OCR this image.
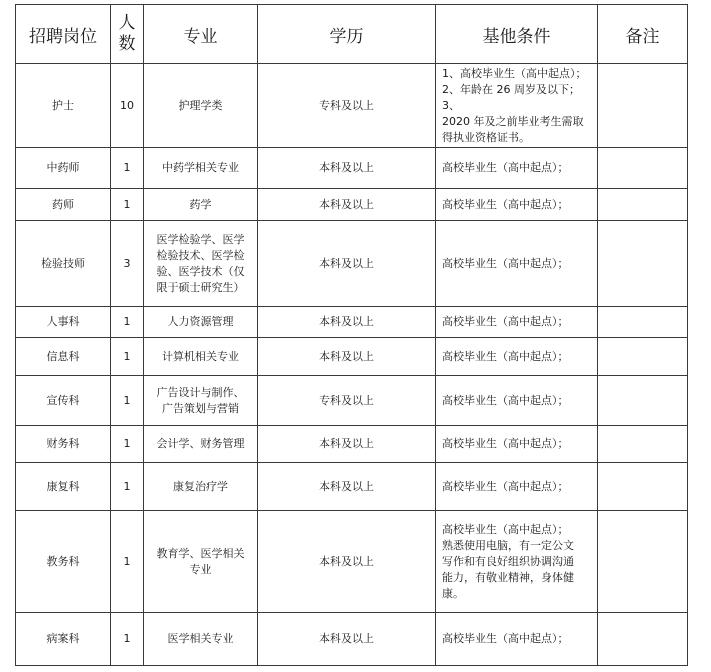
招聘岗位	人
数	专业	学历	基他条件	备注
护士	10	护理学类	专科及以上	1、高校毕业生（高中起点）；
2、年龄在 26 周岁及以下；3、
2020 年及之前毕业考生需取
得执业资格证书。	

中药师	1	中药学相关专业	本科及以上	高校毕业生（高中起点）；	

药师	1	药学	本科及以上	高校毕业生（高中起点）；	

检验技师	3	医学检验学、医学
检验技术、医学检
验、医学技术（仅
限于硕士研究生）	本科及以上	高校毕业生（高中起点）；	

人事科	1	人力资源管理	本科及以上	高校毕业生（高中起点）；	

信息科	1	计算机相关专业	本科及以上	高校毕业生（高中起点）；	

宣传科	1	广告设计与制作、
广告策划与营销	专科及以上	高校毕业生（高中起点）；	

财务科	1	会计学、财务管理	本科及以上	高校毕业生（高中起点）；	

康复科	1	康复治疗学	本科及以上	高校毕业生（高中起点）；	

教务科	1	教育学、医学相关
专业	本科及以上	高校毕业生（高中起点）；
熟悉使用电脑，有一定公文
写作和有良好组织协调沟通
能力，有敬业精神，身体健
康。	

病案科	1	医学相关专业	本科及以上	高校毕业生（高中起点）；	
